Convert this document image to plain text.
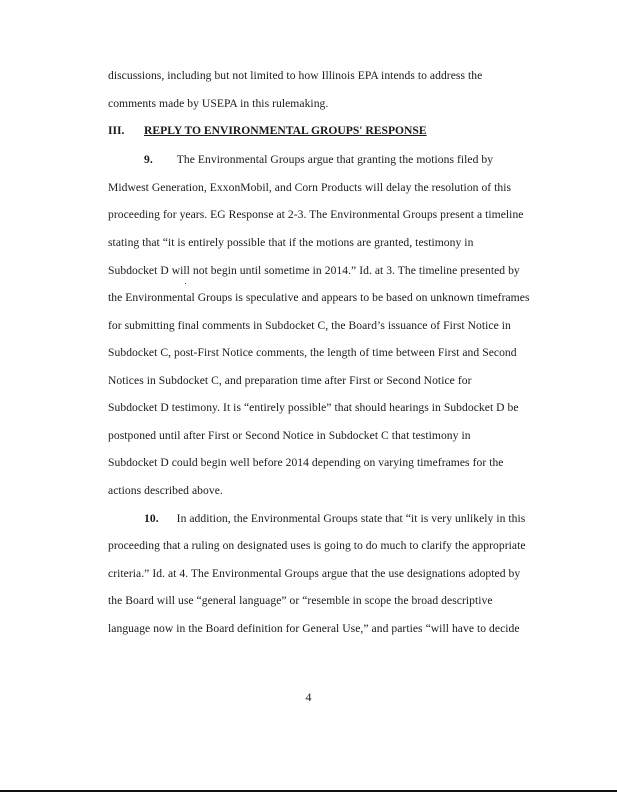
discussions, including but not limited to how Illinois EPA intends to address the
comments made by USEPA in this rulemaking.
III. REPLY TO ENVIRONMENTAL GROUPS' RESPONSE
9. The Environmental Groups argue that granting the motions filed by
Midwest Generation, ExxonMobil, and Corn Products will delay the resolution of this
proceeding for years. EG Response at 2-3. The Environmental Groups present a timeline
stating that “it is entirely possible that if the motions are granted, testimony in
Subdocket D will not begin until sometime in 2014.” Id. at 3. The timeline presented by
the Environmental Groups is speculative and appears to be based on unknown timeframes
for submitting final comments in Subdocket C, the Board’s issuance of First Notice in
Subdocket C, post-First Notice comments, the length of time between First and Second
Notices in Subdocket C, and preparation time after First or Second Notice for
Subdocket D testimony. It is “entirely possible” that should hearings in Subdocket D be
postponed until after First or Second Notice in Subdocket C that testimony in
Subdocket D could begin well before 2014 depending on varying timeframes for the
actions described above.
10. In addition, the Environmental Groups state that “it is very unlikely in this
proceeding that a ruling on designated uses is going to do much to clarify the appropriate
criteria.” Id. at 4. The Environmental Groups argue that the use designations adopted by
the Board will use “general language” or “resemble in scope the broad descriptive
language now in the Board definition for General Use,” and parties “will have to decide
4
